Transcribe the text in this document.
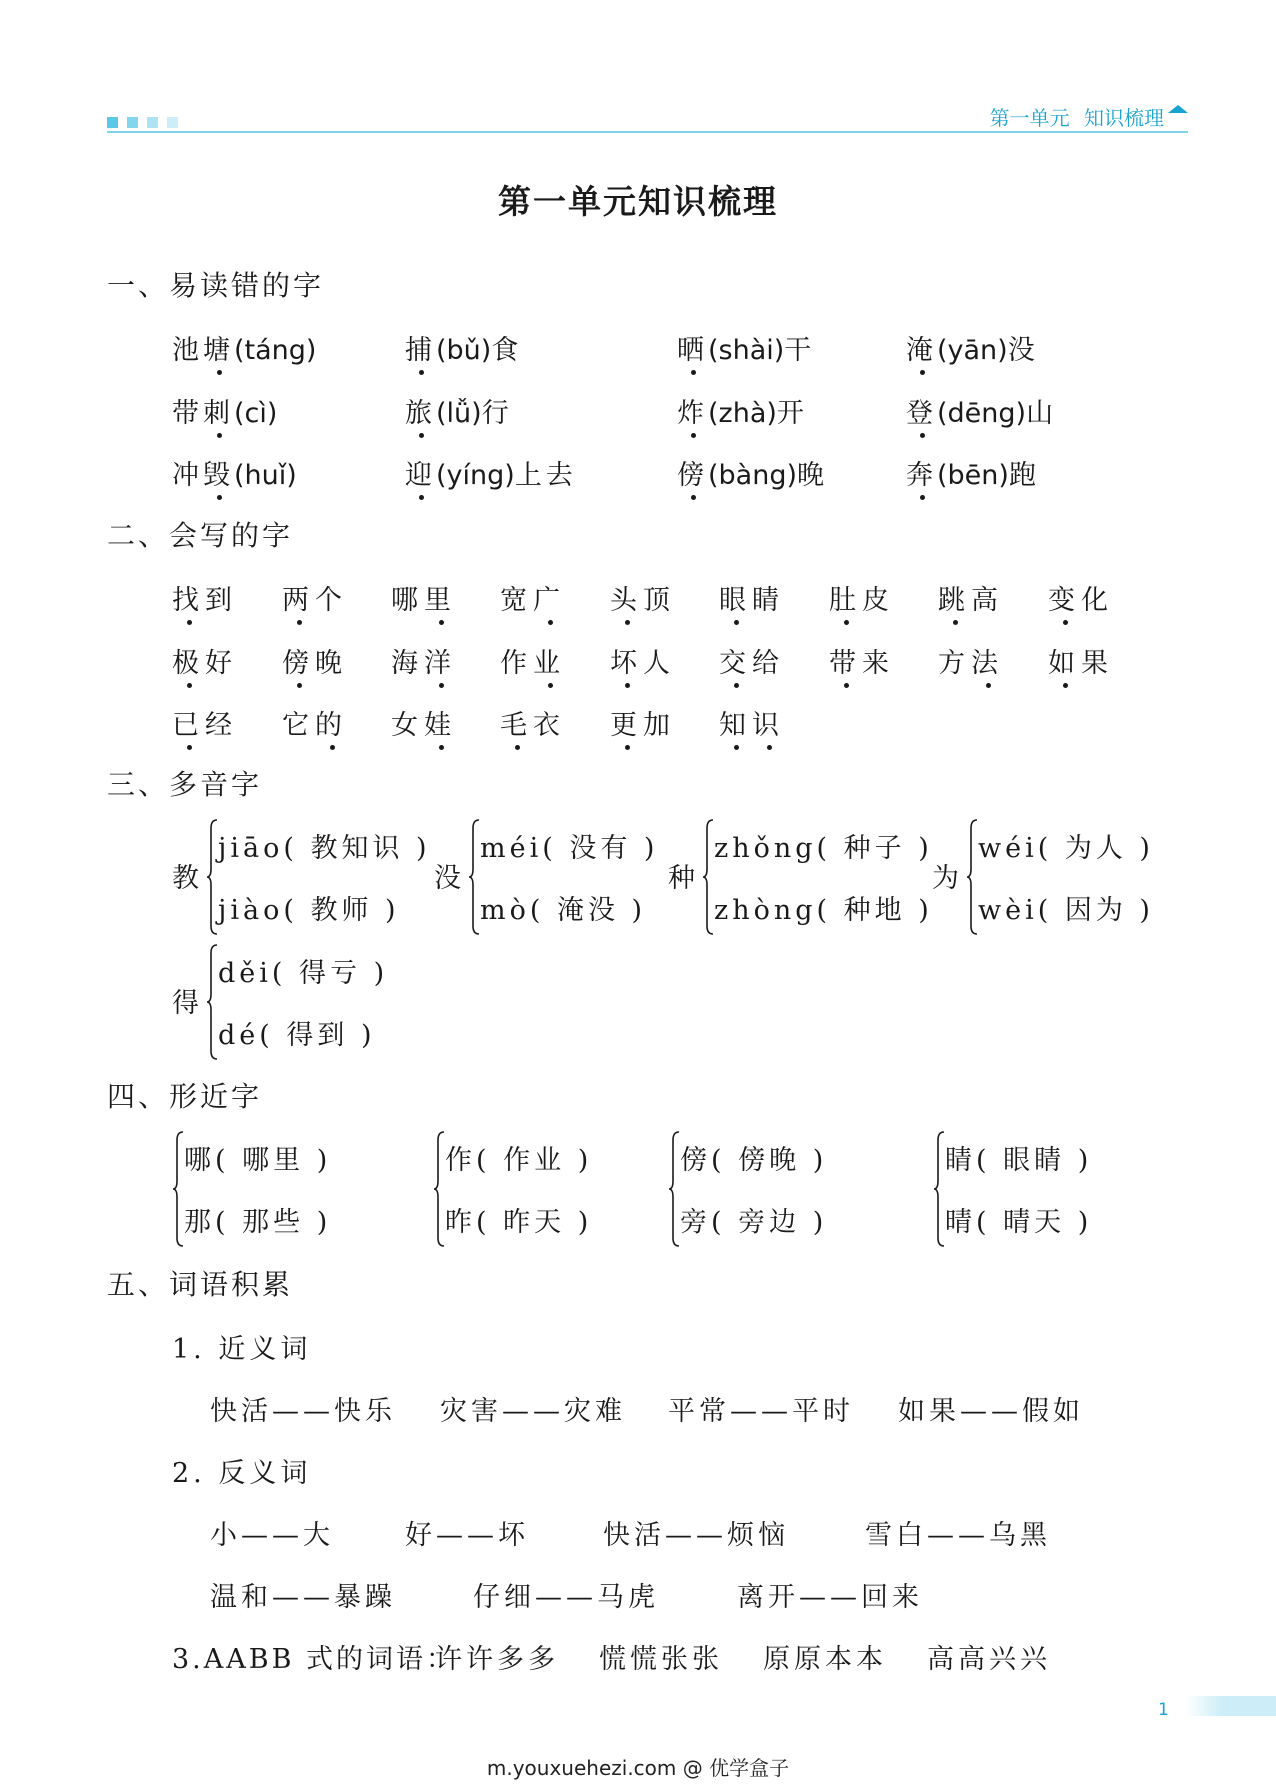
第一单元 知识梳理
第一单元知识梳理
一、易读错的字
池塘(táng)	捕(bǔ)食	晒(shài)干	淹(yān)没
带刺(cì)	旅(lǚ)行	炸(zhà)开	登(dēng)山
冲毁(huǐ)	迎(yíng)上去	傍(bàng)晚	奔(bēn)跑
二、会写的字
找到 两个 哪里 宽广 头顶 眼睛 肚皮 跳高 变化
极好 傍晚 海洋 作业 坏人 交给 带来 方法 如果
已经 它的 女娃 毛衣 更加 知识
三、多音字
教
jiāo( 教知识 )
jiào( 教师 )
没
méi( 没有 )
mò( 淹没 )
种
zhǒng( 种子 )
zhòng( 种地 )
为
wéi( 为人 )
wèi( 因为 )
得
děi( 得亏 )
dé( 得到 )
四、形近字
哪( 哪里 )
那( 那些 )
作( 作业 )
昨( 昨天 )
傍( 傍晚 )
旁( 旁边 )
睛( 眼睛 )
晴( 晴天 )
五、词语积累
1. 近义词
快活——快乐 灾害——灾难 平常——平时 如果——假如
2. 反义词
小——大	好——坏	快活——烦恼	雪白——乌黑
温和——暴躁	仔细——马虎	离开——回来
3.AABB 式的词语：
许许多多 慌慌张张 原原本本 高高兴兴
1
m.youxuehezi.com @ 优学盒子
